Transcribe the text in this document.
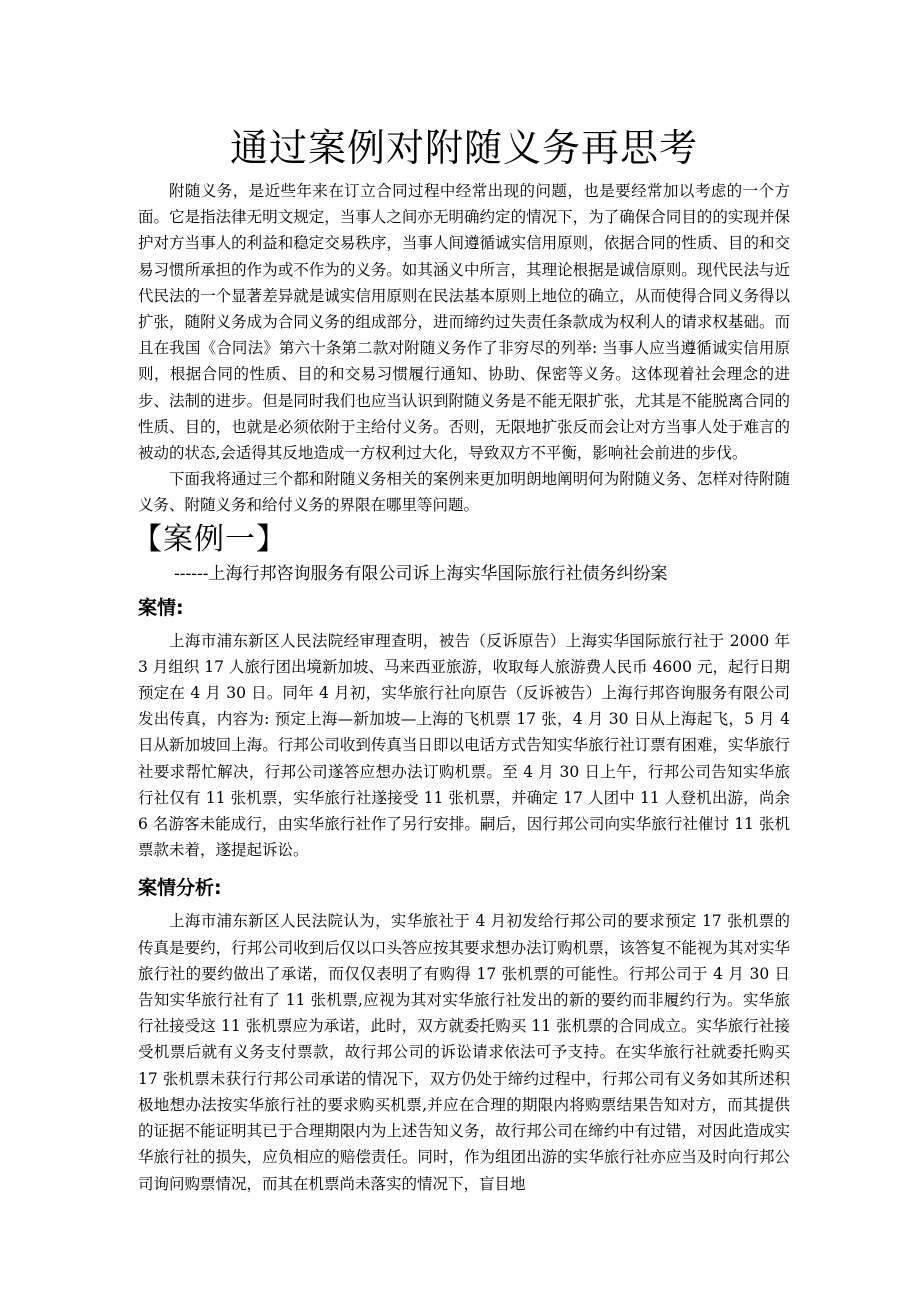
通过案例对附随义务再思考

附随义务，是近些年来在订立合同过程中经常出现的问题，也是要经常加以考虑的一个方面。它是指法律无明文规定，当事人之间亦无明确约定的情况下，为了确保合同目的的实现并保护对方当事人的利益和稳定交易秩序，当事人间遵循诚实信用原则，依据合同的性质、目的和交易习惯所承担的作为或不作为的义务。如其涵义中所言，其理论根据是诚信原则。现代民法与近代民法的一个显著差异就是诚实信用原则在民法基本原则上地位的确立，从而使得合同义务得以扩张，随附义务成为合同义务的组成部分，进而缔约过失责任条款成为权利人的请求权基础。而且在我国《合同法》第六十条第二款对附随义务作了非穷尽的列举: 当事人应当遵循诚实信用原则，根据合同的性质、目的和交易习惯履行通知、协助、保密等义务。这体现着社会理念的进步、法制的进步。但是同时我们也应当认识到附随义务是不能无限扩张，尤其是不能脱离合同的性质、目的，也就是必须依附于主给付义务。否则，无限地扩张反而会让对方当事人处于难言的被动的状态,会适得其反地造成一方权利过大化，导致双方不平衡，影响社会前进的步伐。

下面我将通过三个都和附随义务相关的案例来更加明朗地阐明何为附随义务、怎样对待附随义务、附随义务和给付义务的界限在哪里等问题。

【案例一】
------上海行邦咨询服务有限公司诉上海实华国际旅行社债务纠纷案
案情:

上海市浦东新区人民法院经审理查明，被告（反诉原告）上海实华国际旅行社于 2000 年 3 月组织 17 人旅行团出境新加坡、马来西亚旅游，收取每人旅游费人民币 4600 元，起行日期预定在 4 月 30 日。同年 4 月初，实华旅行社向原告（反诉被告）上海行邦咨询服务有限公司发出传真，内容为: 预定上海—新加坡—上海的飞机票 17 张，4 月 30 日从上海起飞，5 月 4 日从新加坡回上海。行邦公司收到传真当日即以电话方式告知实华旅行社订票有困难，实华旅行社要求帮忙解决，行邦公司遂答应想办法订购机票。至 4 月 30 日上午，行邦公司告知实华旅行社仅有 11 张机票，实华旅行社遂接受 11 张机票，并确定 17 人团中 11 人登机出游，尚余 6 名游客未能成行，由实华旅行社作了另行安排。嗣后，因行邦公司向实华旅行社催讨 11 张机票款未着，遂提起诉讼。

案情分析:

上海市浦东新区人民法院认为，实华旅社于 4 月初发给行邦公司的要求预定 17 张机票的传真是要约，行邦公司收到后仅以口头答应按其要求想办法订购机票，该答复不能视为其对实华旅行社的要约做出了承诺，而仅仅表明了有购得 17 张机票的可能性。行邦公司于 4 月 30 日告知实华旅行社有了 11 张机票,应视为其对实华旅行社发出的新的要约而非履约行为。实华旅行社接受这 11 张机票应为承诺，此时，双方就委托购买 11 张机票的合同成立。实华旅行社接受机票后就有义务支付票款，故行邦公司的诉讼请求依法可予支持。在实华旅行社就委托购买 17 张机票未获行行邦公司承诺的情况下，双方仍处于缔约过程中，行邦公司有义务如其所述积极地想办法按实华旅行社的要求购买机票,并应在合理的期限内将购票结果告知对方，而其提供的证据不能证明其已于合理期限内为上述告知义务，故行邦公司在缔约中有过错，对因此造成实华旅行社的损失，应负相应的赔偿责任。同时，作为组团出游的实华旅行社亦应当及时向行邦公司询问购票情况，而其在机票尚未落实的情况下，盲目地
